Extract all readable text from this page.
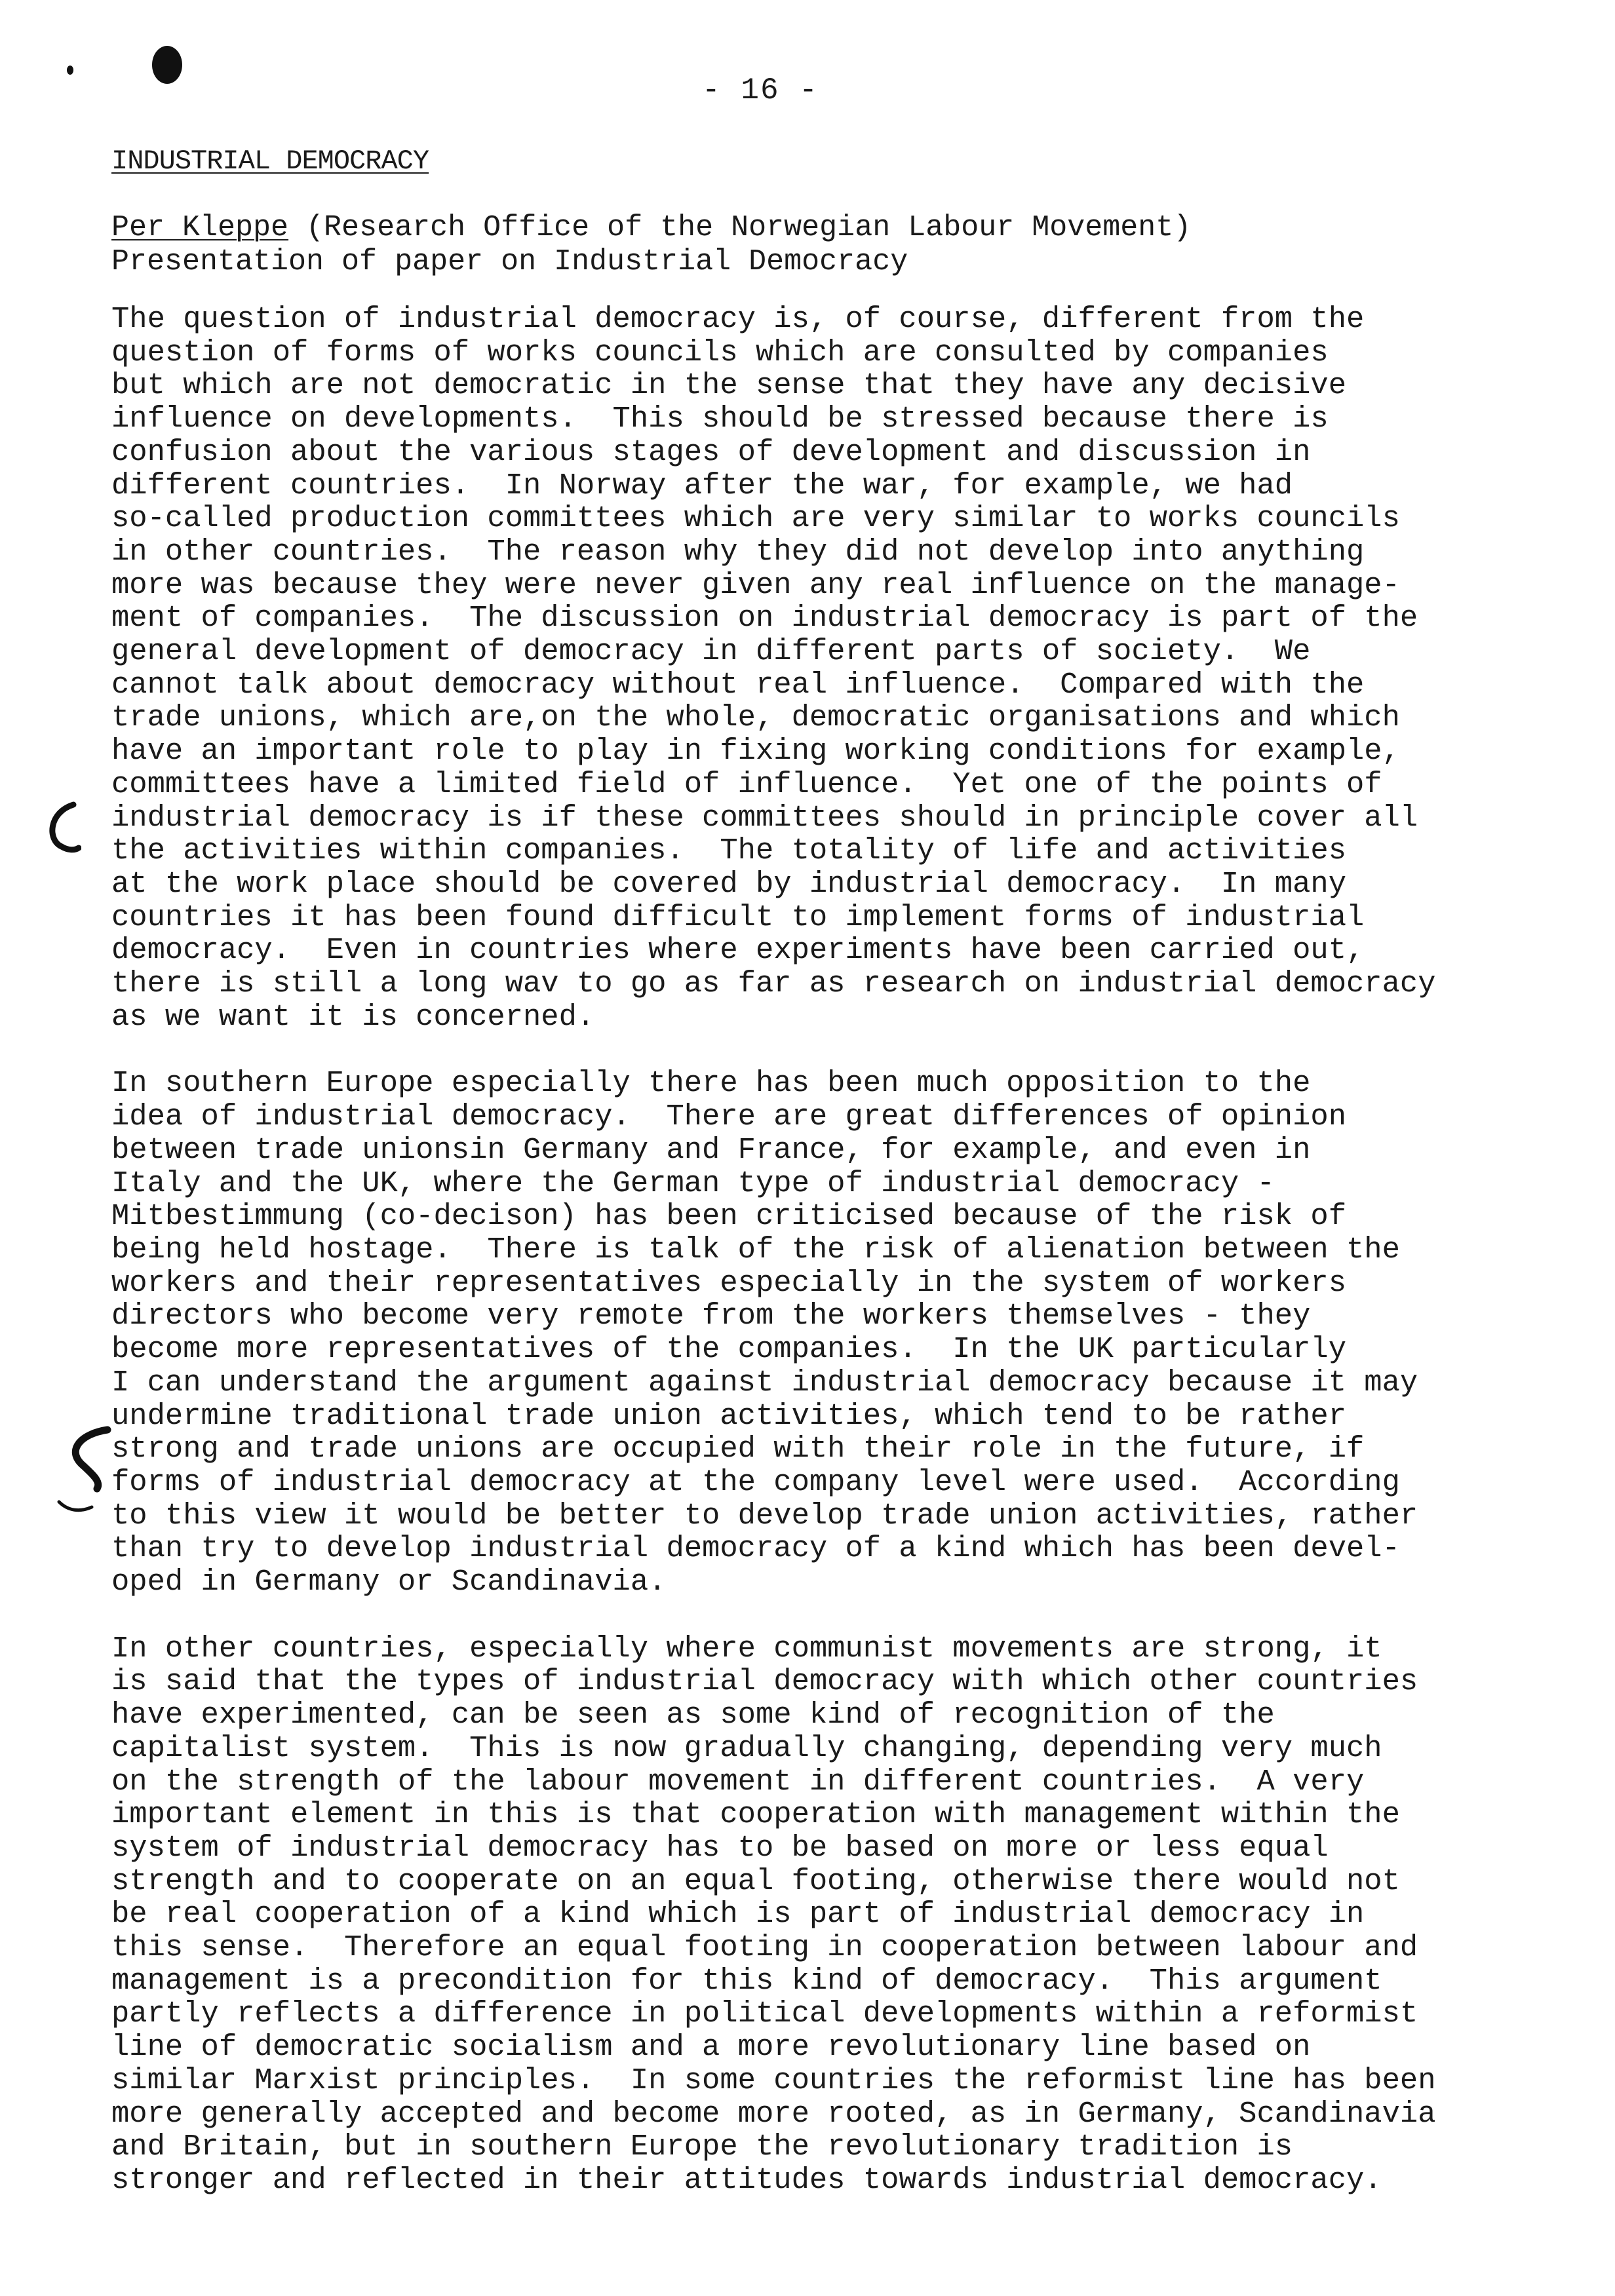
- 16 -
INDUSTRIAL DEMOCRACY
Per Kleppe (Research Office of the Norwegian Labour Movement)
Presentation of paper on Industrial Democracy

The question of industrial democracy is, of course, different from the
question of forms of works councils which are consulted by companies
but which are not democratic in the sense that they have any decisive
influence on developments.  This should be stressed because there is
confusion about the various stages of development and discussion in
different countries.  In Norway after the war, for example, we had
so-called production committees which are very similar to works councils
in other countries.  The reason why they did not develop into anything
more was because they were never given any real influence on the manage-
ment of companies.  The discussion on industrial democracy is part of the
general development of democracy in different parts of society.  We
cannot talk about democracy without real influence.  Compared with the
trade unions, which are,on the whole, democratic organisations and which
have an important role to play in fixing working conditions for example,
committees have a limited field of influence.  Yet one of the points of
industrial democracy is if these committees should in principle cover all
the activities within companies.  The totality of life and activities
at the work place should be covered by industrial democracy.  In many
countries it has been found difficult to implement forms of industrial
democracy.  Even in countries where experiments have been carried out,
there is still a long wav to go as far as research on industrial democracy
as we want it is concerned.

In southern Europe especially there has been much opposition to the
idea of industrial democracy.  There are great differences of opinion
between trade unionsin Germany and France, for example, and even in
Italy and the UK, where the German type of industrial democracy -
Mitbestimmung (co-decison) has been criticised because of the risk of
being held hostage.  There is talk of the risk of alienation between the
workers and their representatives especially in the system of workers
directors who become very remote from the workers themselves - they
become more representatives of the companies.  In the UK particularly
I can understand the argument against industrial democracy because it may
undermine traditional trade union activities, which tend to be rather
strong and trade unions are occupied with their role in the future, if
forms of industrial democracy at the company level were used.  According
to this view it would be better to develop trade union activities, rather
than try to develop industrial democracy of a kind which has been devel-
oped in Germany or Scandinavia.

In other countries, especially where communist movements are strong, it
is said that the types of industrial democracy with which other countries
have experimented, can be seen as some kind of recognition of the
capitalist system.  This is now gradually changing, depending very much
on the strength of the labour movement in different countries.  A very
important element in this is that cooperation with management within the
system of industrial democracy has to be based on more or less equal
strength and to cooperate on an equal footing, otherwise there would not
be real cooperation of a kind which is part of industrial democracy in
this sense.  Therefore an equal footing in cooperation between labour and
management is a precondition for this kind of democracy.  This argument
partly reflects a difference in political developments within a reformist
line of democratic socialism and a more revolutionary line based on
similar Marxist principles.  In some countries the reformist line has been
more generally accepted and become more rooted, as in Germany, Scandinavia
and Britain, but in southern Europe the revolutionary tradition is
stronger and reflected in their attitudes towards industrial democracy.
